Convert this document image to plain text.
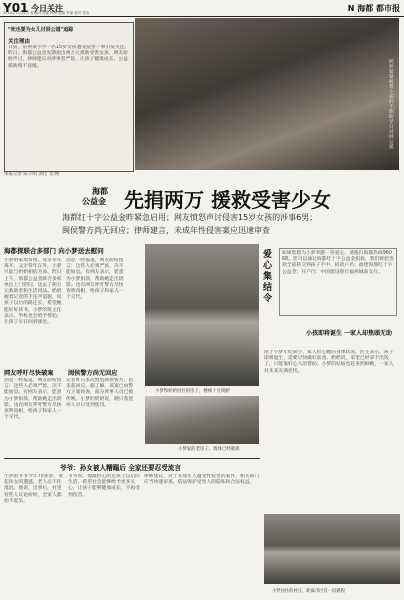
Y01 今日关注
2016年1月21日 星期四 责编 韩梅 美编 李丽 校对 张岩	N 海都 都市报
"死也要为女儿讨回公道"追踪
关注理由
日前，泉州某小学一名15岁女孩遭受侵害一事引发关注。昨日，海都公益金先期捐出两万元援助受害女孩，网友纷纷声讨，律师建议对涉事者严惩，让孩子健康成长，公益援助刻不容缓。
奶奶紧紧握着小孩的手，期盼早日讨回公道
本报记者 陈小明 刘佳 文/图
海都
公益金 先捐两万 援救受害少女
海都红十字公益金昨紧急启用；网友愤怒声讨侵害15岁女孩的涉事6男；
闽侯警方尚无回应；律师建言，未成年性侵害案应迅速审查
海都探联合多部门 向小梦送去慰问
小梦的家境贫困，母亲早年离开，父亲常年在外，小梦只能与奶奶相依为命。昨日上午，海都公益金联合多家单位上门慰问，送去了两万元救助金和生活用品。奶奶握着记者的手连声道谢，说孩子以后的路还长，希望她能好好读书。小梦的班主任表示，学校也会给予帮助，让孩子早日回到课堂。
消息一经报道，网友纷纷留言：这些人必须严惩，决不能姑息。有网友表示，愿意为小梦捐款，帮助她走出阴影。也有网友呼吁警方尽快查明真相，给孩子和家人一个交代。
网友呼吁尽快破案 闽侯警方尚无回应
消息一经报道，网友纷纷留言：这些人必须严惩，决不能姑息。有网友表示，愿意为小梦捐款，帮助她走出阴影。也有网友呼吁警方尽快查明真相，给孩子和家人一个交代。
记者昨日多次致电闽侯警方，但未获回应。据了解，该案已由警方立案侦查，部分涉事人员已被传唤。小梦的奶奶说，她只希望坏人早日受到惩罚。
小梦和奶奶居住的房子，楼梯十分简陋
小梦家的老房子，墙体已经破损
爱心集结令
如果您想为小梦奉献一份爱心，请拨打海都热线96068。您可以通过海都红十字公益金捐款，我们将把善款全部转交到孩子手中。捐款户名：福建海都红十字公益金；开户行：中国建设银行福州城南支行。
小孩即将诞生 一家人却焦頭无助
由于小梦年纪尚小，家人担心她的身体状况。医生表示，孩子即将诞生，需要尽快做好准备。奶奶说，家里已经拿不出钱了，只能靠好心人的帮助。小梦的姑姑也赶来照顾她，一家人对未来充满担忧。
爷爷：孙女被人糟蹋后 全家还要忍受流言
小梦的爷爷今年70多岁，说起孙女的遭遇，老人忍不住落泪。他说，出事后，村里有些人议论纷纷，全家人都抬不起头。
爷爷说，他最担心的是孩子以后的生活，希望社会能够给予更多关心，让孩子能够健康成长，不再受到伤害。
律师建议，对于未成年人遭受性侵害的案件，相关部门应当快速审查，依法保护受害人的隐私和合法权益。
小梦居住的村庄，距离市区有一段路程
